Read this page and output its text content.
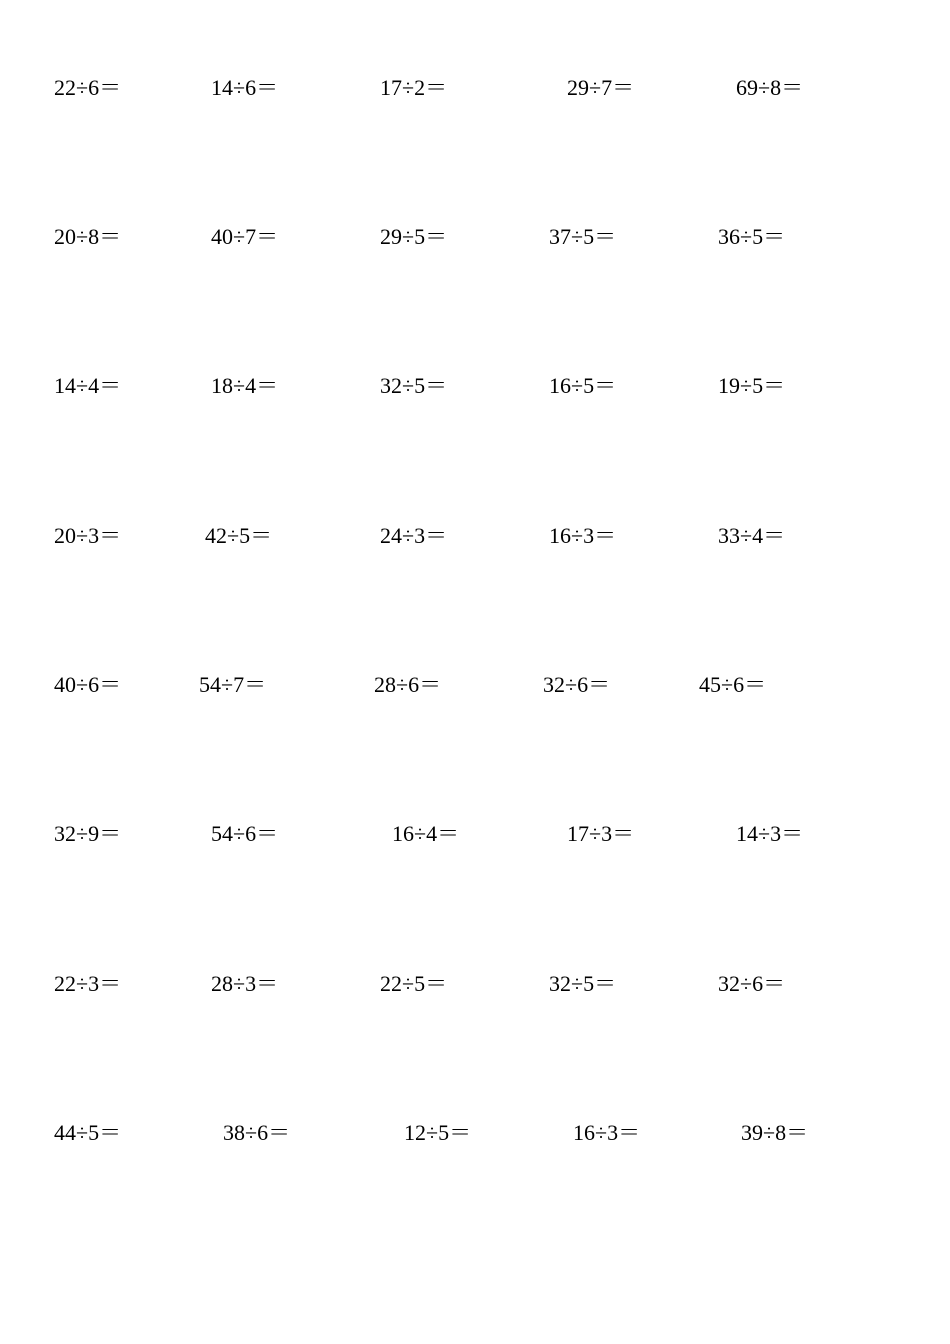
22÷6＝	14÷6＝	17÷2＝	29÷7＝	69÷8＝
20÷8＝	40÷7＝	29÷5＝	37÷5＝	36÷5＝
14÷4＝	18÷4＝	32÷5＝	16÷5＝	19÷5＝
20÷3＝	42÷5＝	24÷3＝	16÷3＝	33÷4＝
40÷6＝	54÷7＝	28÷6＝	32÷6＝	45÷6＝
32÷9＝	54÷6＝	16÷4＝	17÷3＝	14÷3＝
22÷3＝	28÷3＝	22÷5＝	32÷5＝	32÷6＝
44÷5＝	38÷6＝	12÷5＝	16÷3＝	39÷8＝
